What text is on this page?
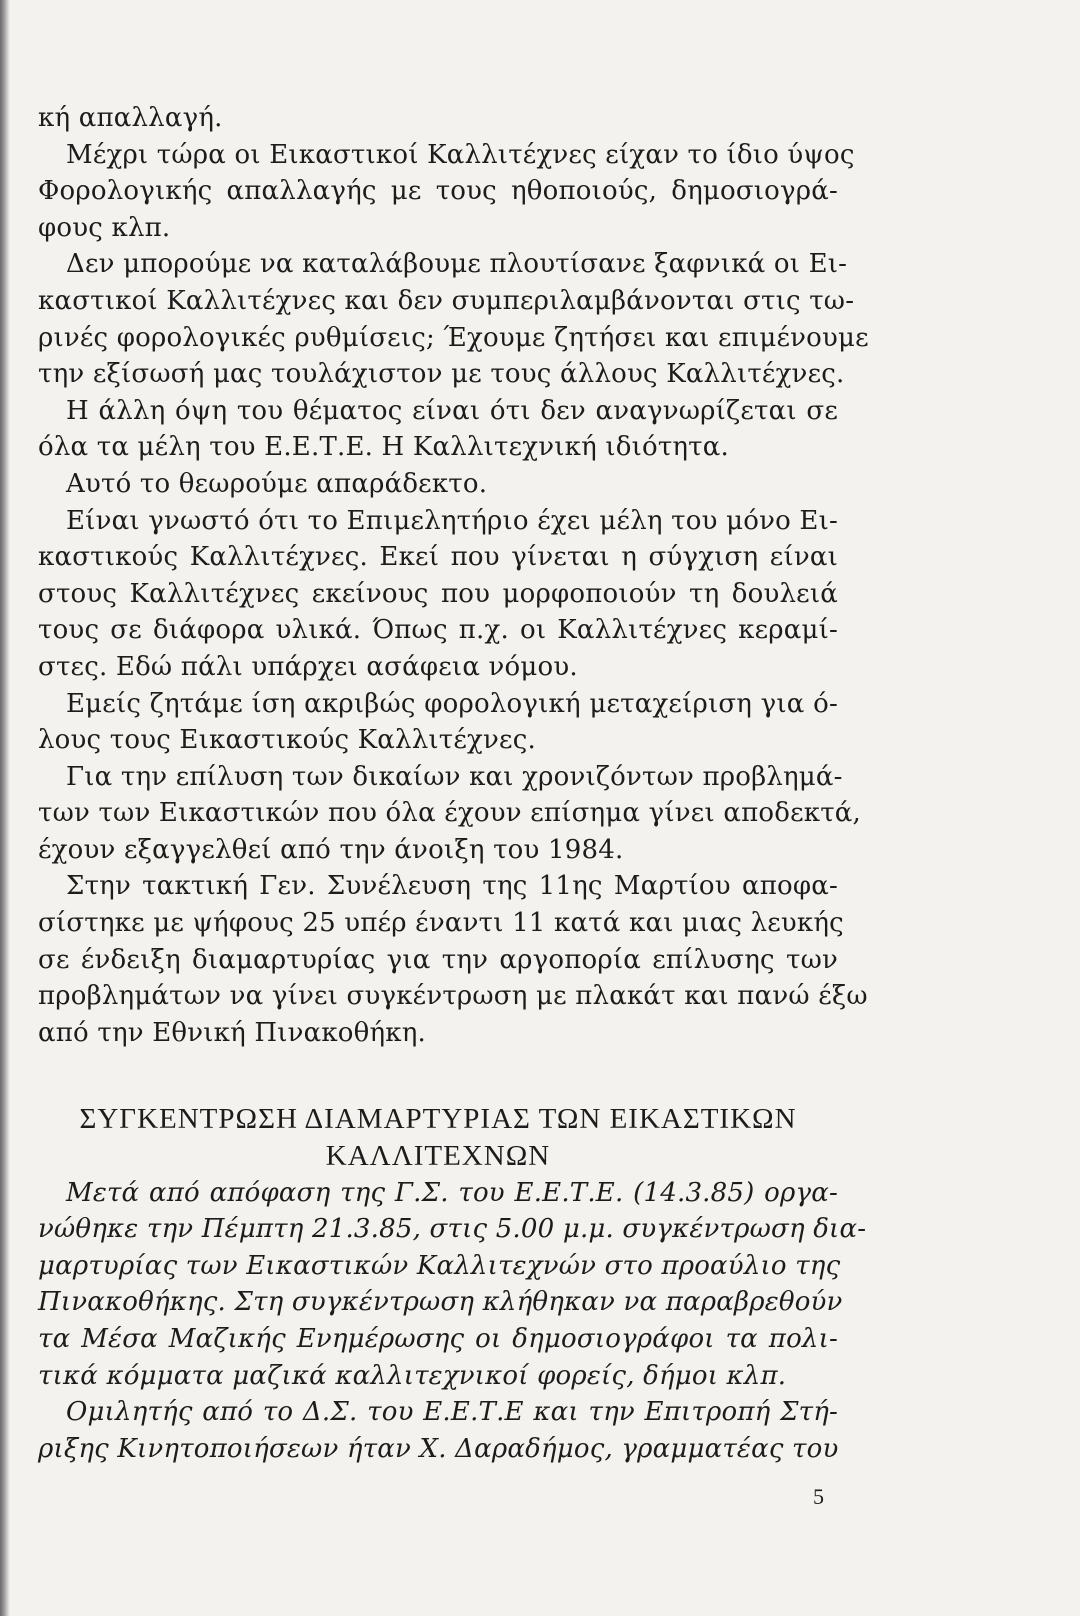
κή απαλλαγή.
Μέχρι τώρα οι Εικαστικοί Καλλιτέχνες είχαν το ίδιο ύψος
Φορολογικής απαλλαγής με τους ηθοποιούς, δημοσιογρά-
φους κλπ.
Δεν μπορούμε να καταλάβουμε πλουτίσανε ξαφνικά οι Ει-
καστικοί Καλλιτέχνες και δεν συμπεριλαμβάνονται στις τω-
ρινές φορολογικές ρυθμίσεις; Έχουμε ζητήσει και επιμένουμε
την εξίσωσή μας τουλάχιστον με τους άλλους Καλλιτέχνες.
Η άλλη όψη του θέματος είναι ότι δεν αναγνωρίζεται σε
όλα τα μέλη του Ε.Ε.Τ.Ε. Η Καλλιτεχνική ιδιότητα.
Αυτό το θεωρούμε απαράδεκτο.
Είναι γνωστό ότι το Επιμελητήριο έχει μέλη του μόνο Ει-
καστικούς Καλλιτέχνες. Εκεί που γίνεται η σύγχιση είναι
στους Καλλιτέχνες εκείνους που μορφοποιούν τη δουλειά
τους σε διάφορα υλικά. Όπως π.χ. οι Καλλιτέχνες κεραμί-
στες. Εδώ πάλι υπάρχει ασάφεια νόμου.
Εμείς ζητάμε ίση ακριβώς φορολογική μεταχείριση για ό-
λους τους Εικαστικούς Καλλιτέχνες.
Για την επίλυση των δικαίων και χρονιζόντων προβλημά-
των των Εικαστικών που όλα έχουν επίσημα γίνει αποδεκτά,
έχουν εξαγγελθεί από την άνοιξη του 1984.
Στην τακτική Γεν. Συνέλευση της 11ης Μαρτίου αποφα-
σίστηκε με ψήφους 25 υπέρ έναντι 11 κατά και μιας λευκής
σε ένδειξη διαμαρτυρίας για την αργοπορία επίλυσης των
προβλημάτων να γίνει συγκέντρωση με πλακάτ και πανώ έξω
από την Εθνική Πινακοθήκη.
ΣΥΓΚΕΝΤΡΩΣΗ ΔΙΑΜΑΡΤΥΡΙΑΣ ΤΩΝ ΕΙΚΑΣΤΙΚΩΝ
ΚΑΛΛΙΤΕΧΝΩΝ
Μετά από απόφαση της Γ.Σ. του Ε.Ε.Τ.Ε. (14.3.85) οργα-
νώθηκε την Πέμπτη 21.3.85, στις 5.00 μ.μ. συγκέντρωση δια-
μαρτυρίας των Εικαστικών Καλλιτεχνών στο προαύλιο της
Πινακοθήκης. Στη συγκέντρωση κλήθηκαν να παραβρεθούν
τα Μέσα Μαζικής Ενημέρωσης οι δημοσιογράφοι τα πολι-
τικά κόμματα μαζικά καλλιτεχνικοί φορείς, δήμοι κλπ.
Ομιλητής από το Δ.Σ. του Ε.Ε.Τ.Ε και την Επιτροπή Στή-
ριξης Κινητοποιήσεων ήταν Χ. Δαραδήμος, γραμματέας του
5
